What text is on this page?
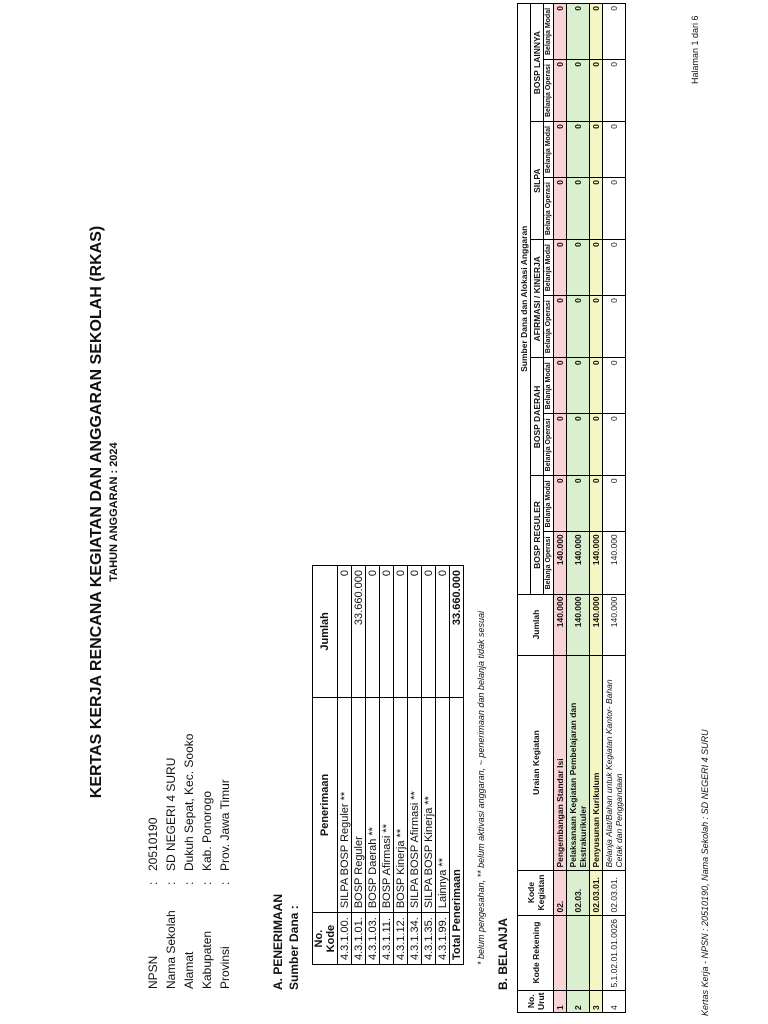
KERTAS KERJA RENCANA KEGIATAN DAN ANGGARAN SEKOLAH (RKAS) TAHUN ANGGARAN : 2024
NPSN
:
20510190
Nama Sekolah
:
SD NEGERI 4 SURU
Alamat
:
Dukuh Sepat, Kec. Sooko
Kabupaten
:
Kab. Ponorogo
Provinsi
:
Prov. Jawa Timur
A. PENERIMAAN Sumber Dana : No. Kode	Penerimaan	Jumlah
4.3.1.00.	SILPA BOSP Reguler **	0
4.3.1.01.	BOSP Reguler	33.660.000
4.3.1.03.	BOSP Daerah **	0
4.3.1.11.	BOSP Afirmasi **	0
4.3.1.12.	BOSP Kinerja **	0
4.3.1.34.	SILPA BOSP Afirmasi **	0
4.3.1.35.	SILPA BOSP Kinerja **	0
4.3.1.99.	Lainnya **	0
Total Penerimaan		33.660.000
* belum pengesahan, ** belum aktivasi anggaran, ~ penerimaan dan belanja tidak sesuai B. BELANJA
No. Urut	Kode Rekening	Kode Kegiatan	Uraian Kegiatan	Jumlah	Sumber Dana dan Alokasi Anggaran									
					BOSP REGULER		BOSP DAERAH		AFIRMASI / KINERJA		SILPA		BOSP LAINNYA	
					Belanja Operasi	Belanja Modal	Belanja Operasi	Belanja Modal	Belanja Operasi	Belanja Modal	Belanja Operasi	Belanja Modal	Belanja Operasi	Belanja Modal
1		02.	Pengembangan Standar Isi	140.000	140.000	0	0	0	0	0	0	0	0	0
2		02.03.	Pelaksanaan Kegiatan Pembelajaran dan Ekstrakurikuler	140.000	140.000	0	0	0	0	0	0	0	0	0
3		02.03.01.	Penyusunan Kurikulum	140.000	140.000	0	0	0	0	0	0	0	0	0
4	5.1.02.01.01.0026	02.03.01.	Belanja Alat/Bahan untuk Kegiatan Kantor- Bahan Cetak dan Penggandaan	140.000	140.000	0	0	0	0	0	0	0	0	0
Kertas Kerja - NPSN : 20510190, Nama Sekolah : SD NEGERI 4 SURU
Halaman 1 dari 6
